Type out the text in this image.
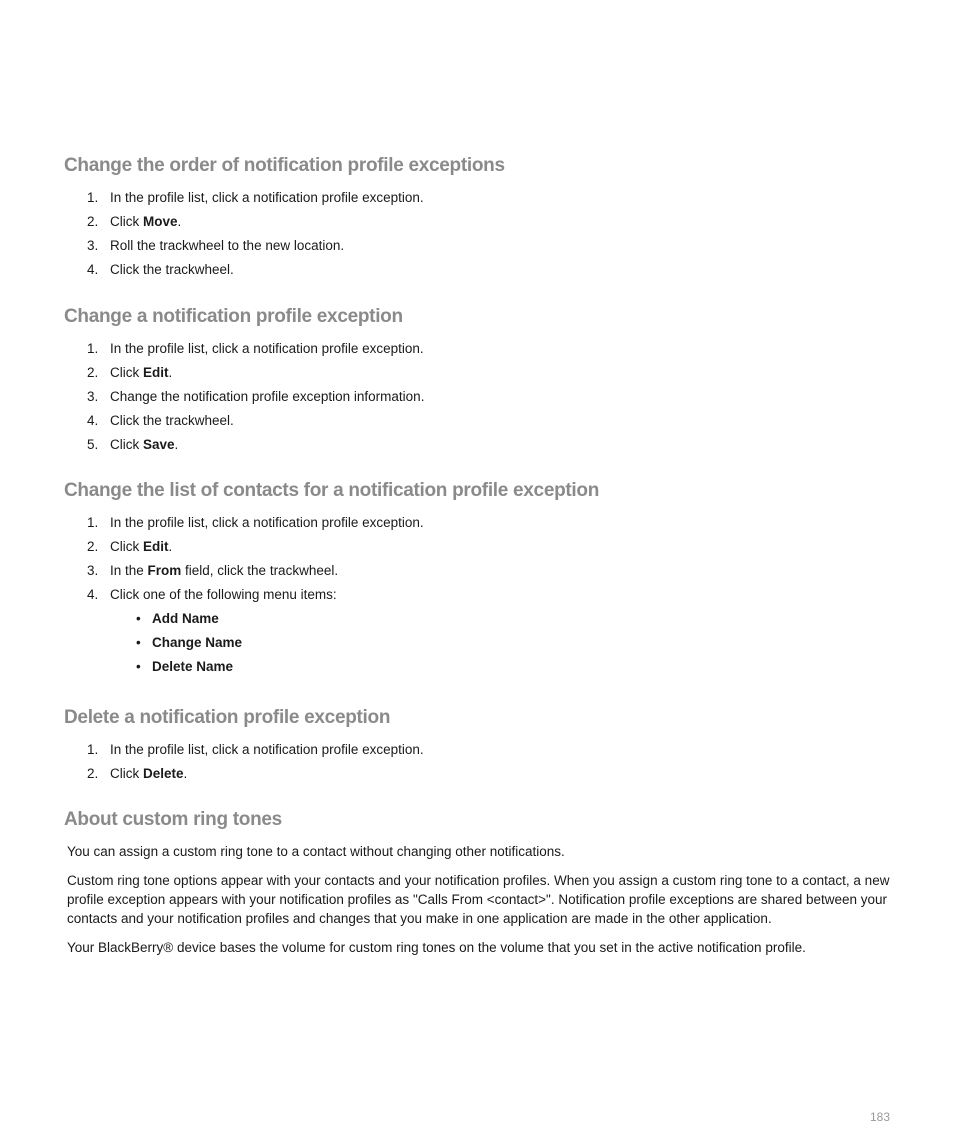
Change the order of notification profile exceptions
1. In the profile list, click a notification profile exception.
2. Click Move.
3. Roll the trackwheel to the new location.
4. Click the trackwheel.
Change a notification profile exception
1. In the profile list, click a notification profile exception.
2. Click Edit.
3. Change the notification profile exception information.
4. Click the trackwheel.
5. Click Save.
Change the list of contacts for a notification profile exception
1. In the profile list, click a notification profile exception.
2. Click Edit.
3. In the From field, click the trackwheel.
4. Click one of the following menu items:
• Add Name
• Change Name
• Delete Name
Delete a notification profile exception
1. In the profile list, click a notification profile exception.
2. Click Delete.
About custom ring tones

You can assign a custom ring tone to a contact without changing other notifications.

Custom ring tone options appear with your contacts and your notification profiles. When you assign a custom ring tone to a contact, a new profile exception appears with your notification profiles as "Calls From <contact>". Notification profile exceptions are shared between your contacts and your notification profiles and changes that you make in one application are made in the other application.

Your BlackBerry® device bases the volume for custom ring tones on the volume that you set in the active notification profile.

183
